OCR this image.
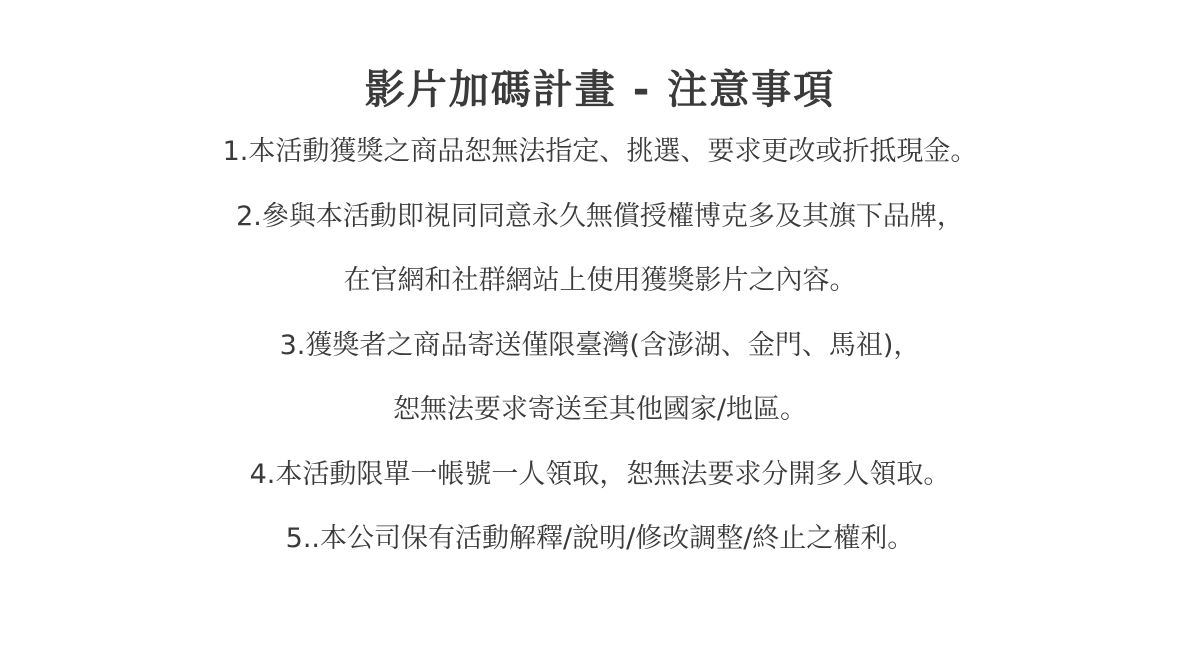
影片加碼計畫 - 注意事項
1.本活動獲獎之商品恕無法指定、挑選、要求更改或折抵現金。
2.參與本活動即視同同意永久無償授權博克多及其旗下品牌，
在官網和社群網站上使用獲獎影片之內容。
3.獲獎者之商品寄送僅限臺灣(含澎湖、金門、馬祖)，
恕無法要求寄送至其他國家/地區。
4.本活動限單一帳號一人領取，恕無法要求分開多人領取。
5..本公司保有活動解釋/說明/修改調整/終止之權利。
